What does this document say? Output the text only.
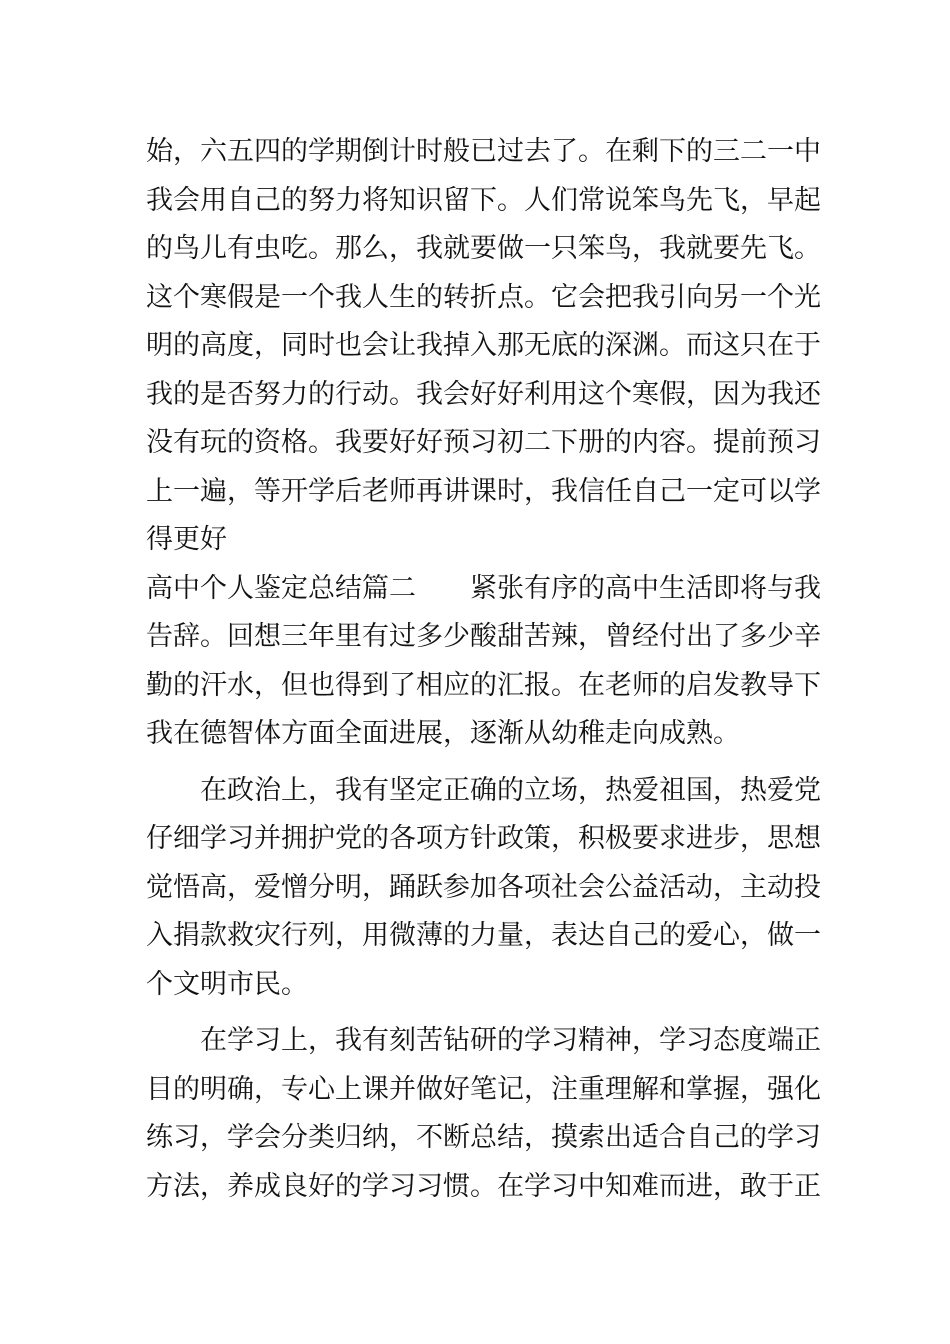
始，六五四的学期倒计时般已过去了。在剩下的三二一中
我会用自己的努力将知识留下。人们常说笨鸟先飞，早起
的鸟儿有虫吃。那么，我就要做一只笨鸟，我就要先飞。
这个寒假是一个我人生的转折点。它会把我引向另一个光
明的高度，同时也会让我掉入那无底的深渊。而这只在于
我的是否努力的行动。我会好好利用这个寒假，因为我还
没有玩的资格。我要好好预习初二下册的内容。提前预习
上一遍，等开学后老师再讲课时，我信任自己一定可以学
得更好
高中个人鉴定总结篇二 紧张有序的高中生活即将与我
告辞。回想三年里有过多少酸甜苦辣，曾经付出了多少辛
勤的汗水，但也得到了相应的汇报。在老师的启发教导下
我在德智体方面全面进展，逐渐从幼稚走向成熟。
在政治上，我有坚定正确的立场，热爱祖国，热爱党
仔细学习并拥护党的各项方针政策，积极要求进步，思想
觉悟高，爱憎分明，踊跃参加各项社会公益活动，主动投
入捐款救灾行列，用微薄的力量，表达自己的爱心，做一
个文明市民。
在学习上，我有刻苦钻研的学习精神，学习态度端正
目的明确，专心上课并做好笔记，注重理解和掌握，强化
练习，学会分类归纳，不断总结，摸索出适合自己的学习
方法，养成良好的学习习惯。在学习中知难而进，敢于正
